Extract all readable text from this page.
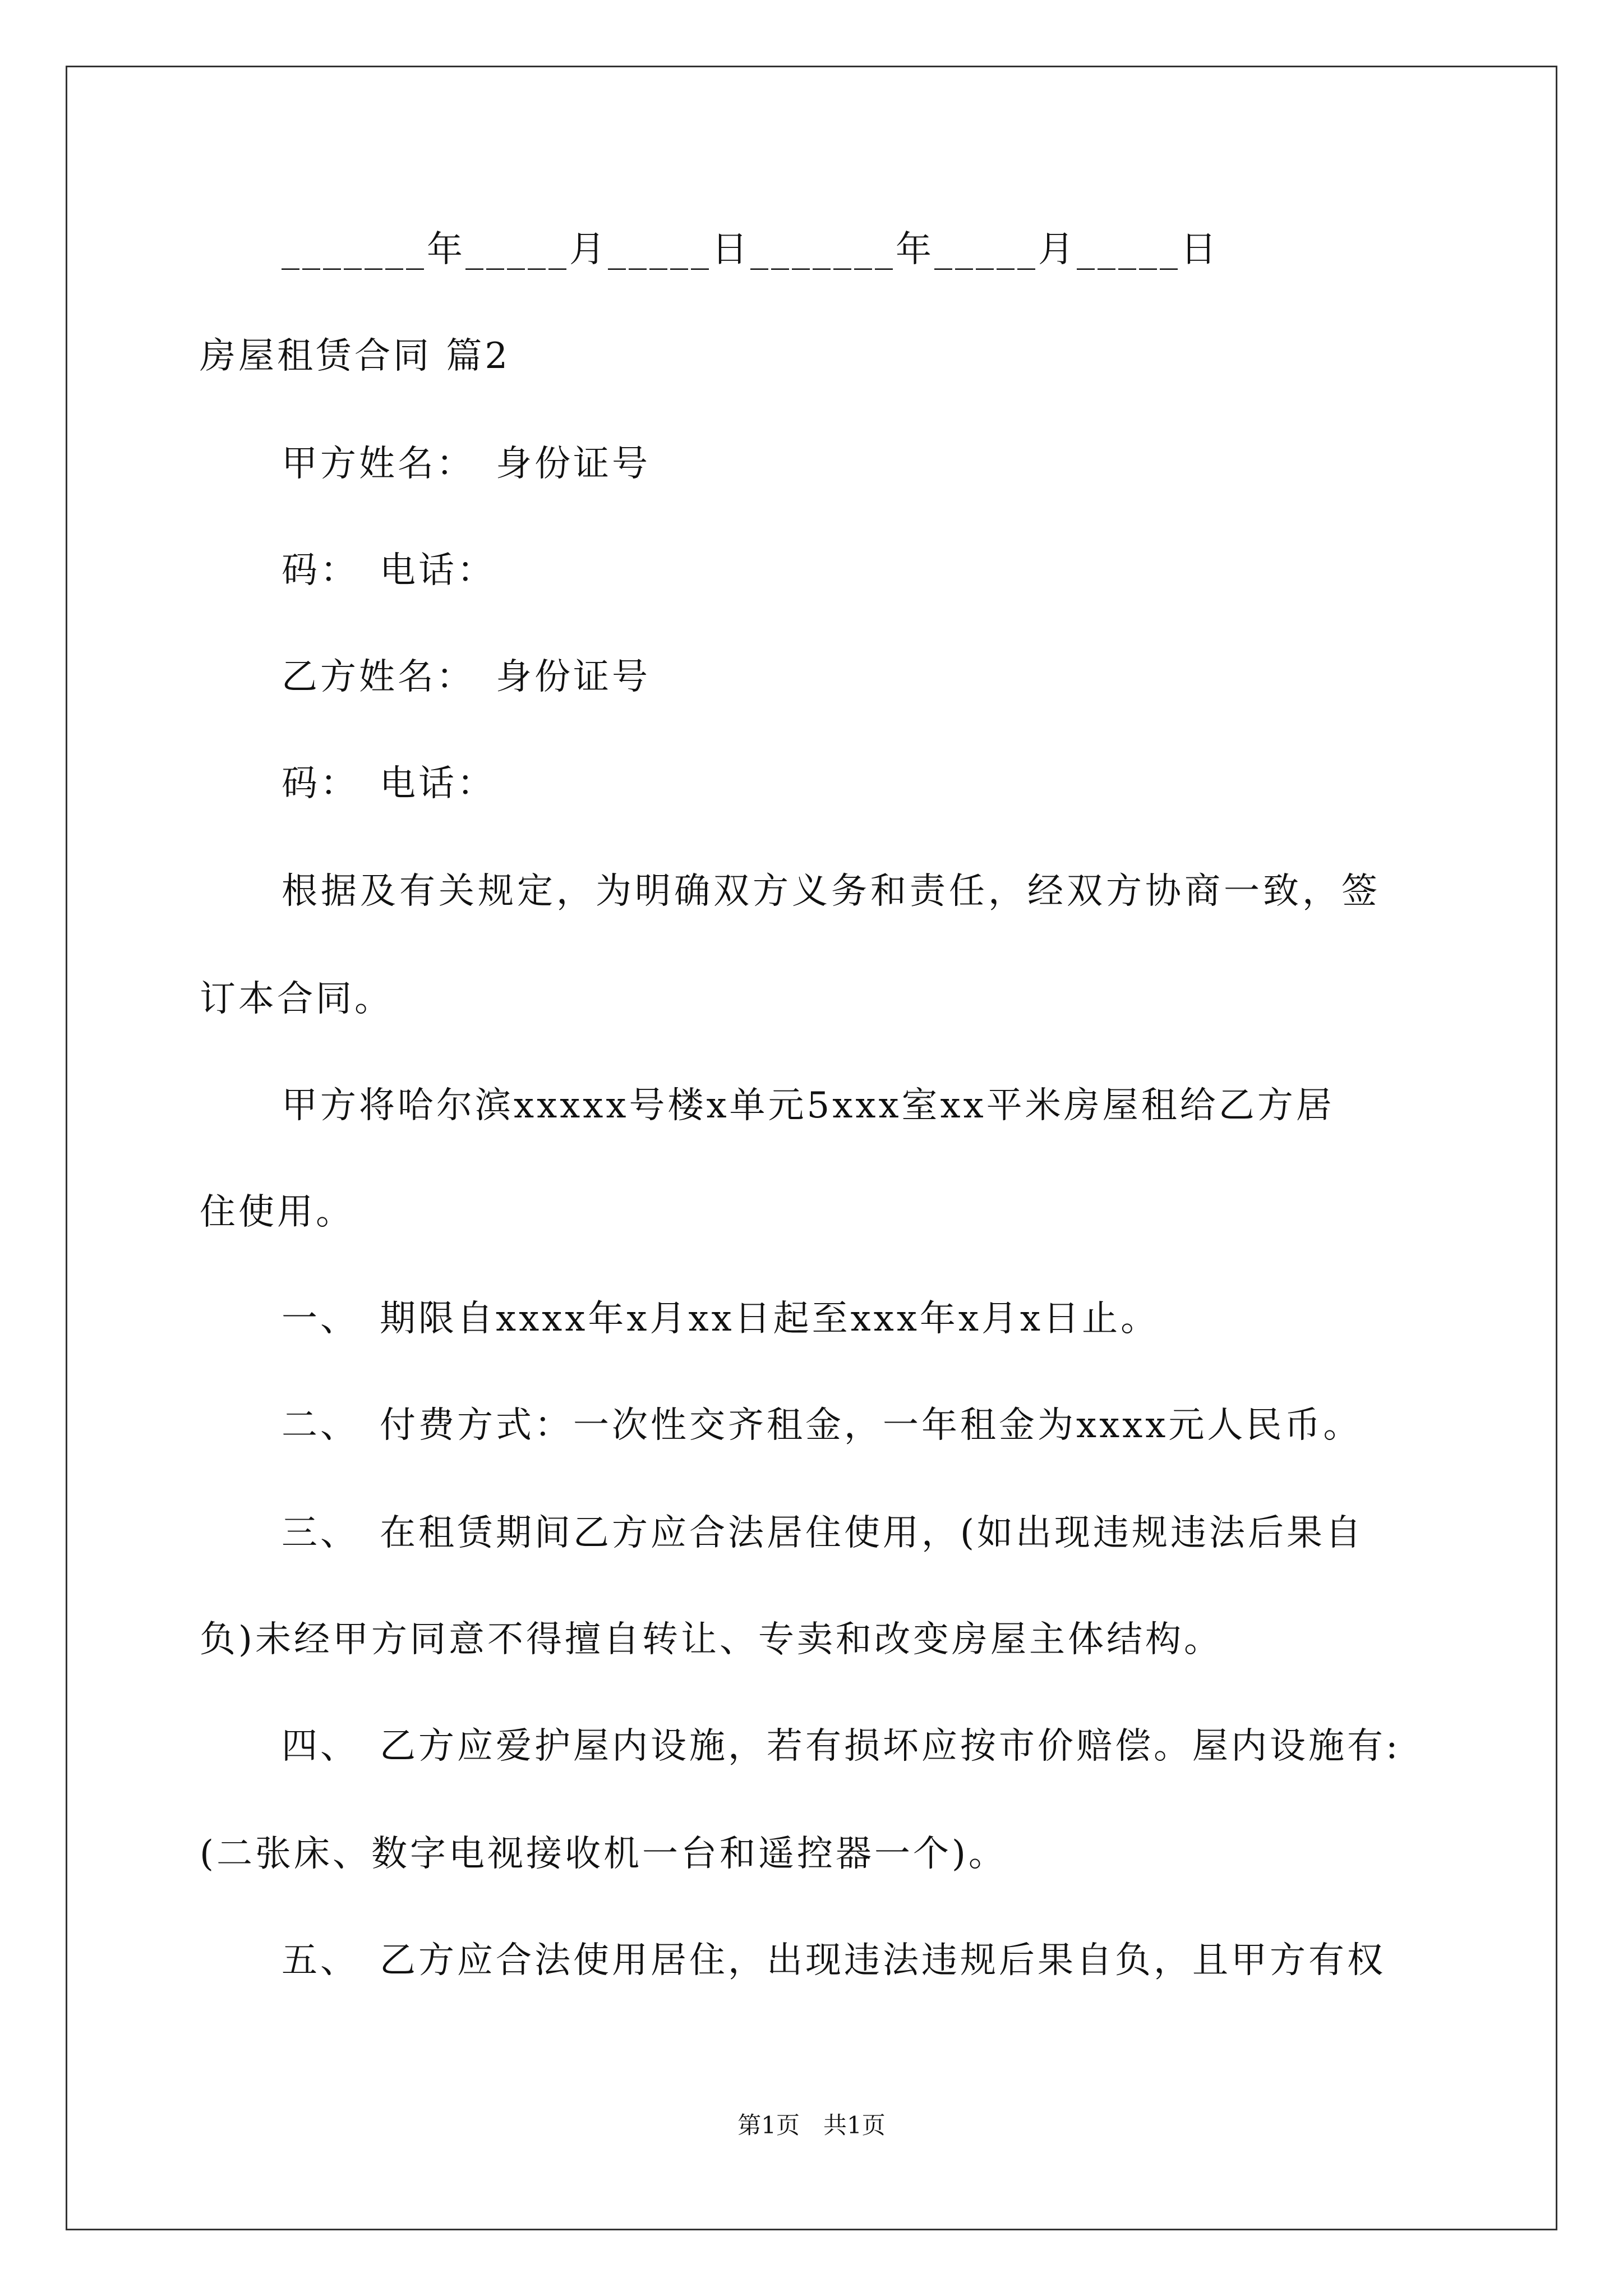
_______年_____月_____日_______年_____月_____日
房屋租赁合同 篇2
甲方姓名：　身份证号
码：　电话：
乙方姓名：　身份证号
码：　电话：
根据及有关规定，为明确双方义务和责任，经双方协商一致，签
订本合同。
甲方将哈尔滨xxxxx号楼x单元5xxx室xx平米房屋租给乙方居
住使用。
一、　期限自xxxx年x月xx日起至xxx年x月x日止。
二、　付费方式：一次性交齐租金，一年租金为xxxx元人民币。
三、　在租赁期间乙方应合法居住使用，(如出现违规违法后果自
负)未经甲方同意不得擅自转让、专卖和改变房屋主体结构。
四、　乙方应爱护屋内设施，若有损坏应按市价赔偿。屋内设施有:
(二张床、数字电视接收机一台和遥控器一个)。
五、　乙方应合法使用居住，出现违法违规后果自负，且甲方有权
第1页　共1页
